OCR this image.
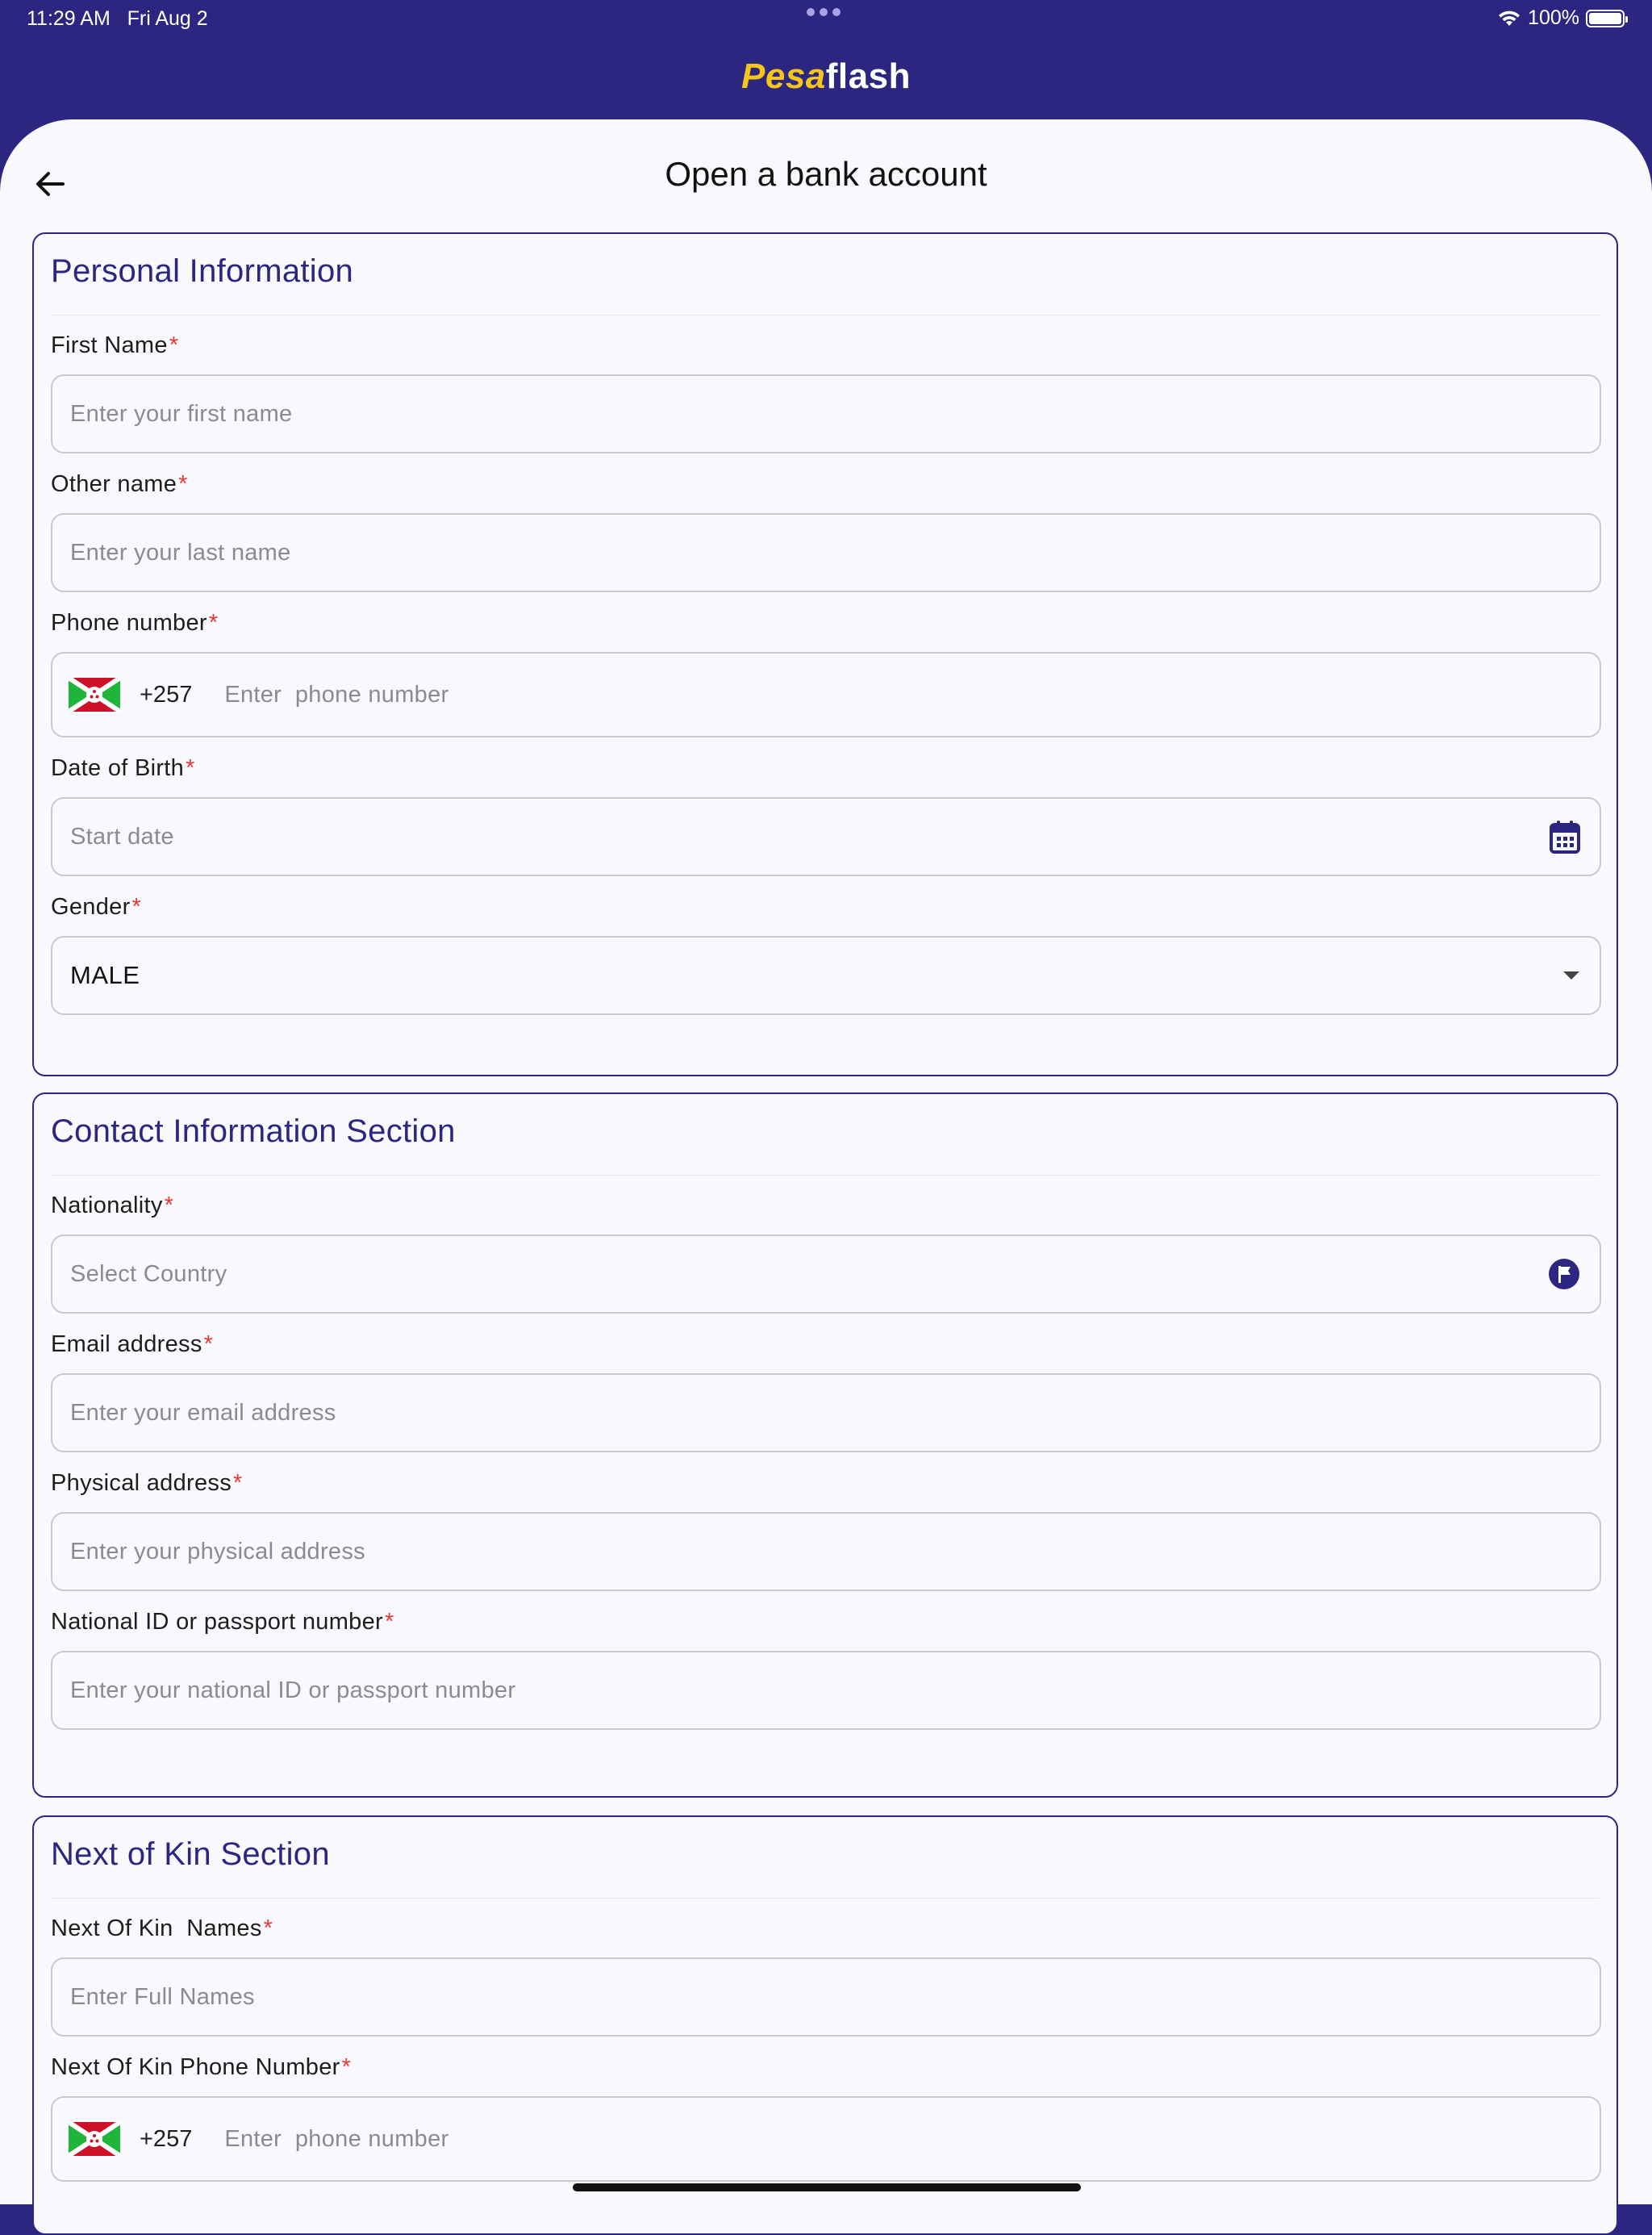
11:29 AM Fri Aug 2	100%
Pesaflash
Open a bank account
Personal Information
First Name*
Enter your first name
Other name*
Enter your last name
Phone number*
+257
Enter phone number
Date of Birth*
Start date
Gender*
MALE
Contact Information Section
Nationality*
Select Country
Email address*
Enter your email address
Physical address*
Enter your physical address
National ID or passport number*
Enter your national ID or passport number
Next of Kin Section
Next Of Kin  Names*
Enter Full Names
Next Of Kin Phone Number*
+257
Enter phone number
